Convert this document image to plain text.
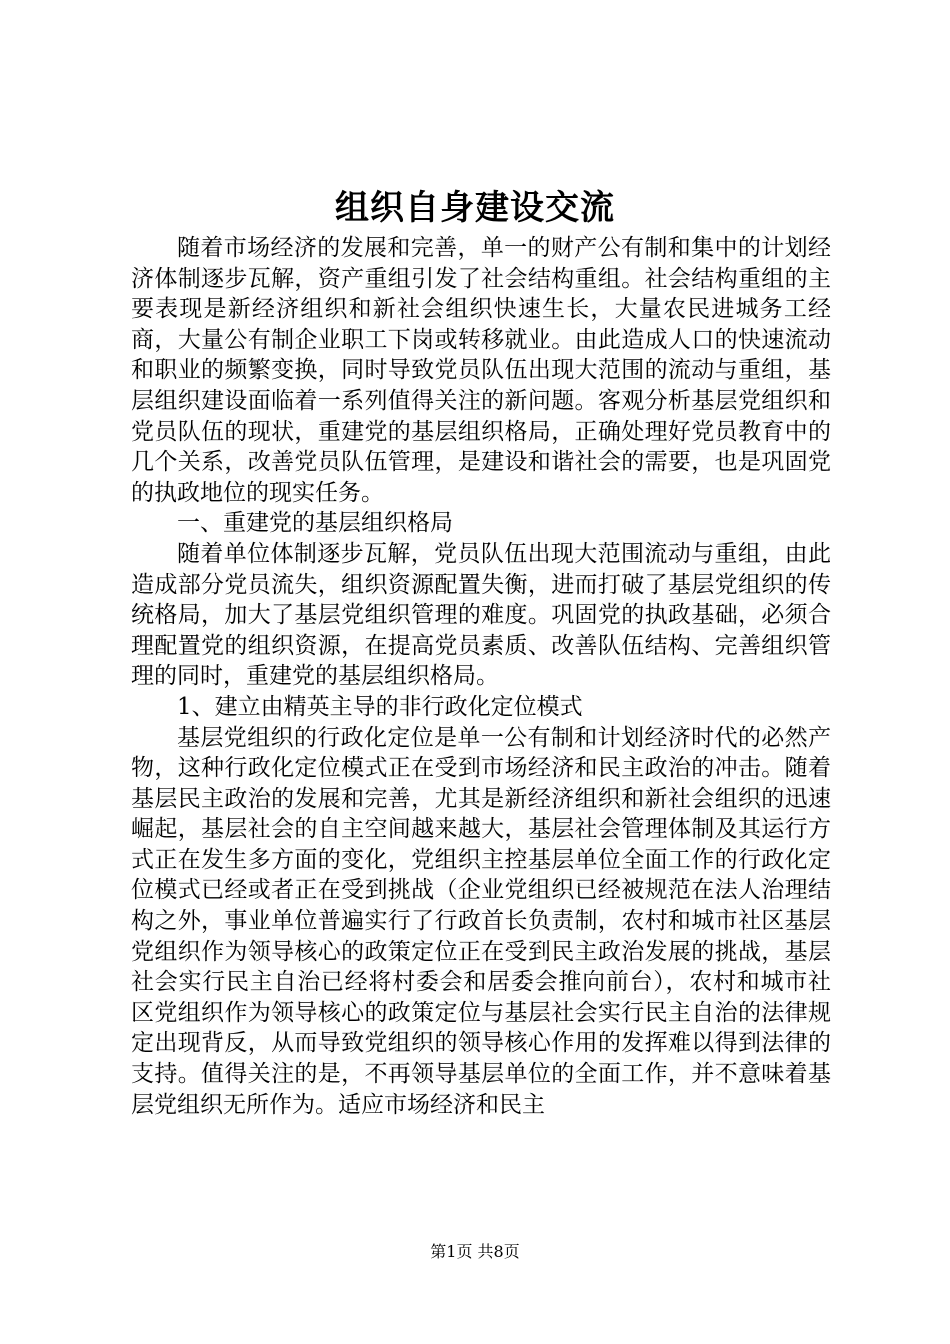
组织自身建设交流

随着市场经济的发展和完善，单一的财产公有制和集中的计划经济体制逐步瓦解，资产重组引发了社会结构重组。社会结构重组的主要表现是新经济组织和新社会组织快速生长，大量农民进城务工经商，大量公有制企业职工下岗或转移就业。由此造成人口的快速流动和职业的频繁变换，同时导致党员队伍出现大范围的流动与重组，基层组织建设面临着一系列值得关注的新问题。客观分析基层党组织和党员队伍的现状，重建党的基层组织格局，正确处理好党员教育中的几个关系，改善党员队伍管理，是建设和谐社会的需要，也是巩固党的执政地位的现实任务。

一、重建党的基层组织格局

随着单位体制逐步瓦解，党员队伍出现大范围流动与重组，由此造成部分党员流失，组织资源配置失衡，进而打破了基层党组织的传统格局，加大了基层党组织管理的难度。巩固党的执政基础，必须合理配置党的组织资源，在提高党员素质、改善队伍结构、完善组织管理的同时，重建党的基层组织格局。

1、建立由精英主导的非行政化定位模式

基层党组织的行政化定位是单一公有制和计划经济时代的必然产物，这种行政化定位模式正在受到市场经济和民主政治的冲击。随着基层民主政治的发展和完善，尤其是新经济组织和新社会组织的迅速崛起，基层社会的自主空间越来越大，基层社会管理体制及其运行方式正在发生多方面的变化，党组织主控基层单位全面工作的行政化定位模式已经或者正在受到挑战（企业党组织已经被规范在法人治理结构之外，事业单位普遍实行了行政首长负责制，农村和城市社区基层党组织作为领导核心的政策定位正在受到民主政治发展的挑战，基层社会实行民主自治已经将村委会和居委会推向前台），农村和城市社区党组织作为领导核心的政策定位与基层社会实行民主自治的法律规定出现背反，从而导致党组织的领导核心作用的发挥难以得到法律的支持。值得关注的是，不再领导基层单位的全面工作，并不意味着基层党组织无所作为。适应市场经济和民主

第1页 共8页
